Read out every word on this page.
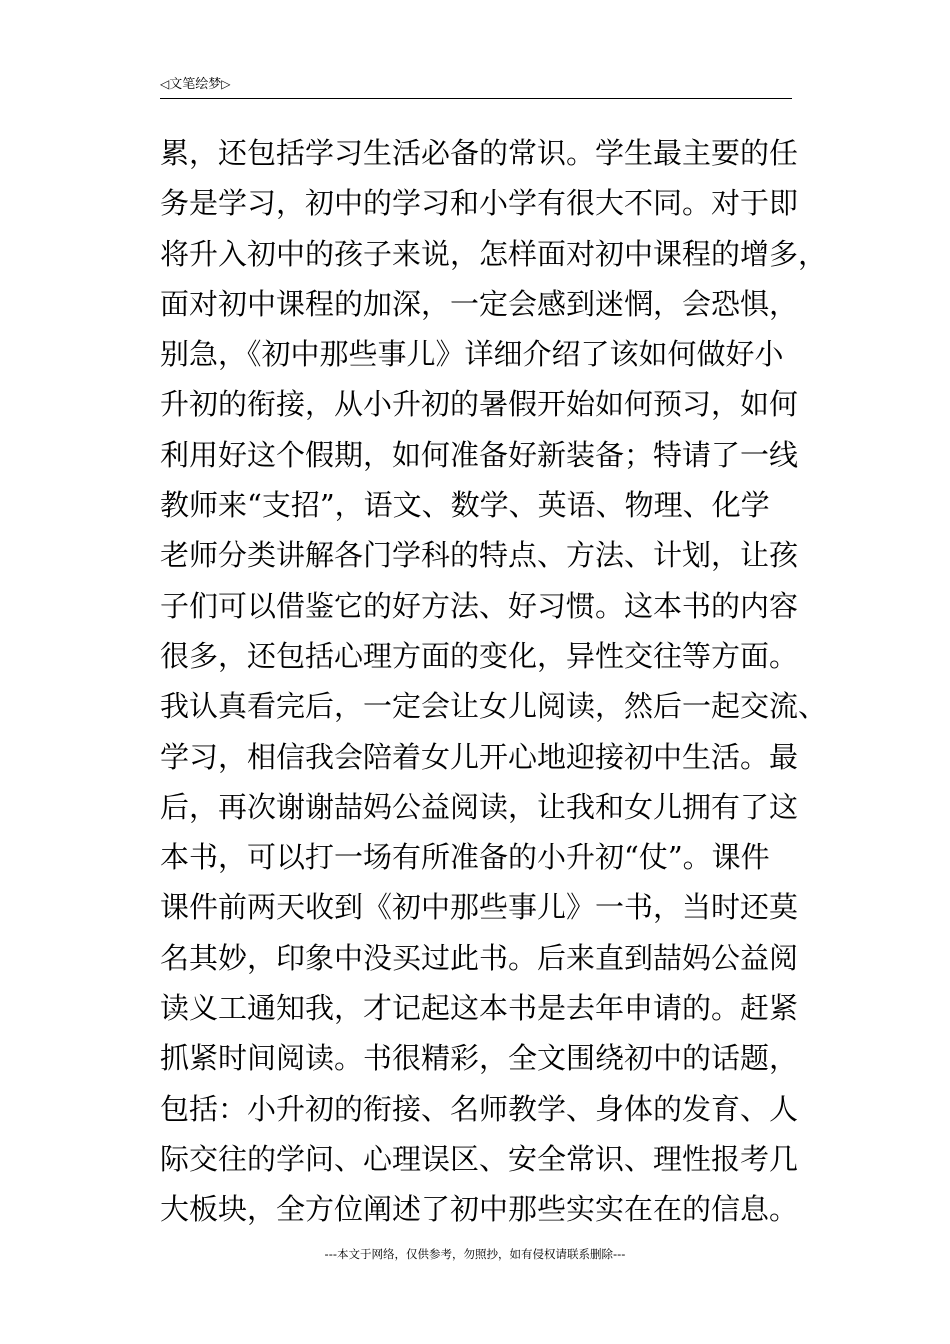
◁文笔绘梦▷
累，还包括学习生活必备的常识。学生最主要的任
务是学习，初中的学习和小学有很大不同。对于即
将升入初中的孩子来说，怎样面对初中课程的增多，
面对初中课程的加深，一定会感到迷惘，会恐惧，
别急，《初中那些事儿》详细介绍了该如何做好小
升初的衔接，从小升初的暑假开始如何预习，如何
利用好这个假期，如何准备好新装备；特请了一线
教师来“支招”，语文、数学、英语、物理、化学
老师分类讲解各门学科的特点、方法、计划，让孩
子们可以借鉴它的好方法、好习惯。这本书的内容
很多，还包括心理方面的变化，异性交往等方面。
我认真看完后，一定会让女儿阅读，然后一起交流、
学习，相信我会陪着女儿开心地迎接初中生活。最
后，再次谢谢喆妈公益阅读，让我和女儿拥有了这
本书，可以打一场有所准备的小升初“仗”。课件
课件前两天收到《初中那些事儿》一书，当时还莫
名其妙，印象中没买过此书。后来直到喆妈公益阅
读义工通知我，才记起这本书是去年申请的。赶紧
抓紧时间阅读。书很精彩，全文围绕初中的话题，
包括：小升初的衔接、名师教学、身体的发育、人
际交往的学问、心理误区、安全常识、理性报考几
大板块，全方位阐述了初中那些实实在在的信息。
---本文于网络，仅供参考，勿照抄，如有侵权请联系删除---
